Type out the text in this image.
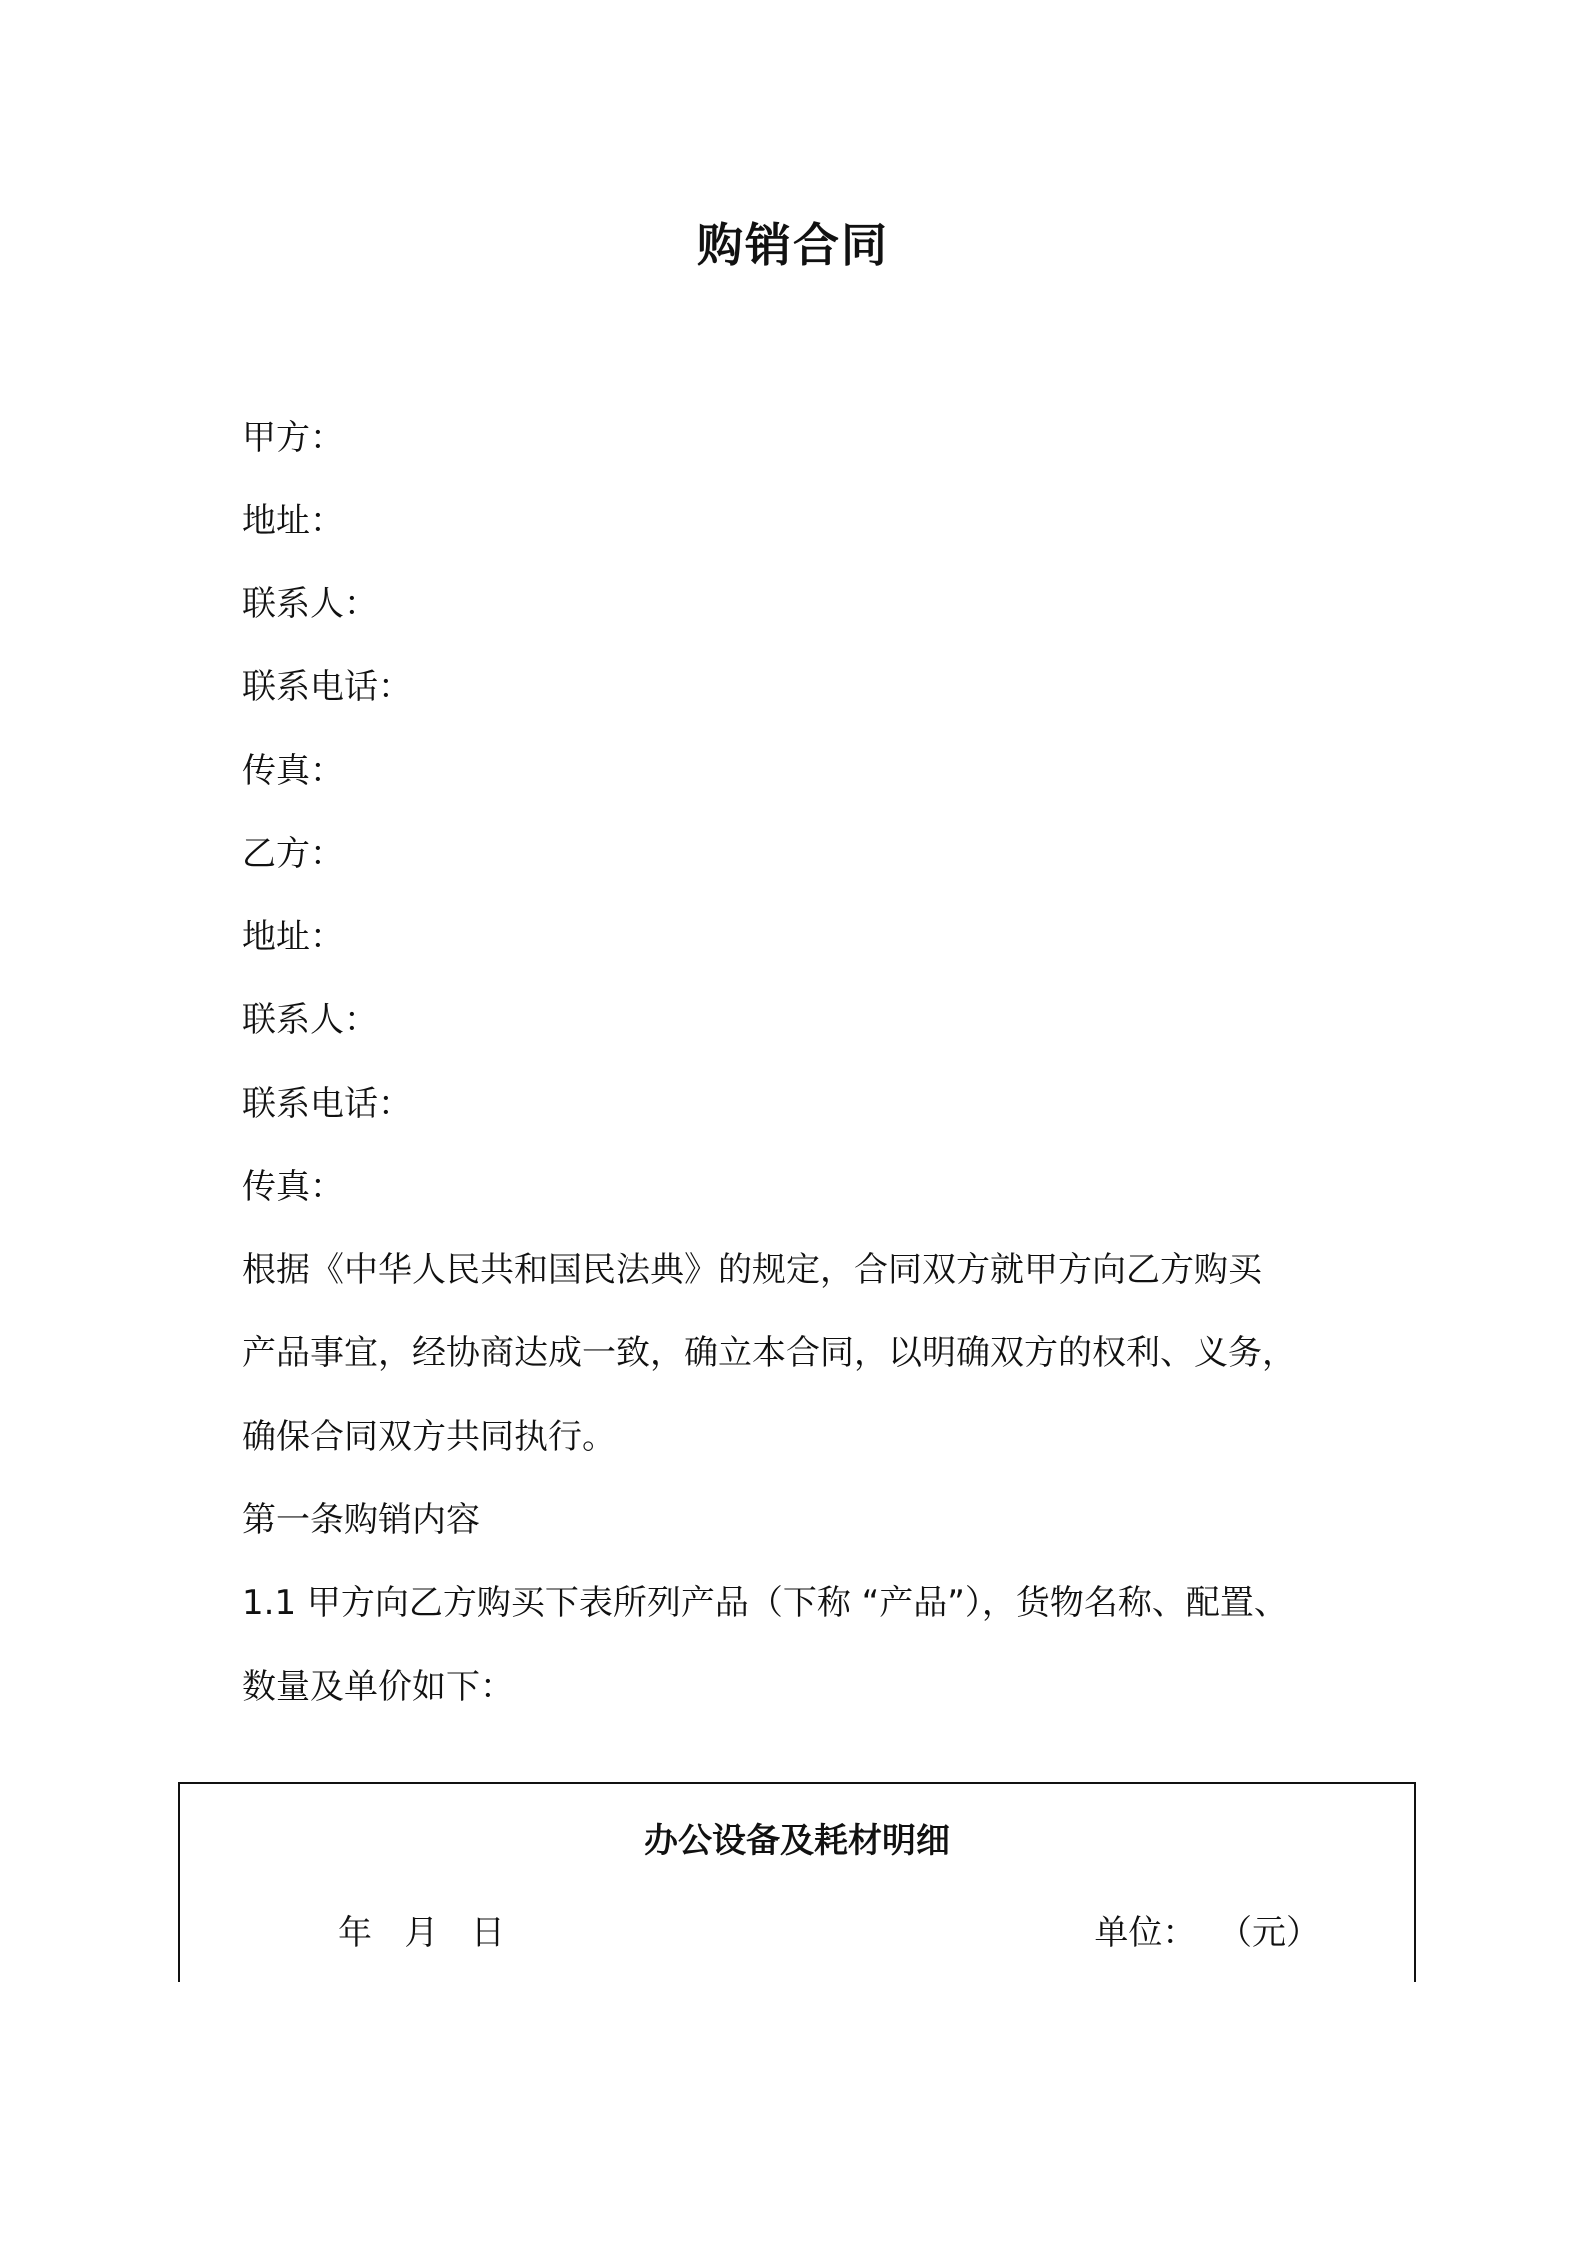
购销合同
甲方：
地址：
联系人：
联系电话：
传真：
乙方：
地址：
联系人：
联系电话：
传真：
根据《中华人民共和国民法典》的规定，合同双方就甲方向乙方购买
产品事宜，经协商达成一致，确立本合同，以明确双方的权利、义务，
确保合同双方共同执行。
第一条购销内容
1.1 甲方向乙方购买下表所列产品（下称 “产品”），货物名称、配置、
数量及单价如下：
办公设备及耗材明细
年   月   日	单位：  （元）
